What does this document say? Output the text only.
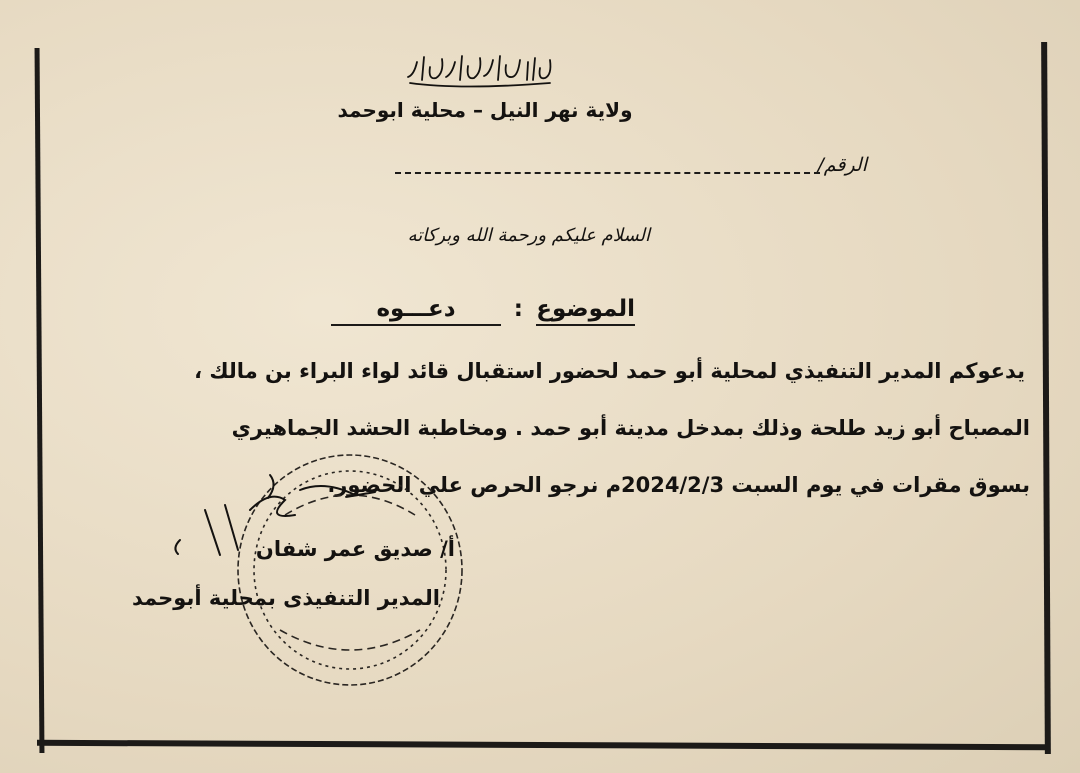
ولاية نهر النيل – محلية ابوحمد
الرقم/
السلام عليكم ورحمة الله وبركاته
الموضوع
:
دعـــوه
يدعوكم المدير التنفيذي لمحلية أبو حمد لحضور استقبال قائد لواء البراء بن مالك ،
المصباح أبو زيد طلحة وذلك بمدخل مدينة أبو حمد . ومخاطبة الحشد الجماهيري
بسوق مقرات في يوم السبت 2024/2/3م نرجو الحرص علي الحضور.
أ/ صديق عمر شفان
المدير التنفيذى بمحلية أبوحمد
